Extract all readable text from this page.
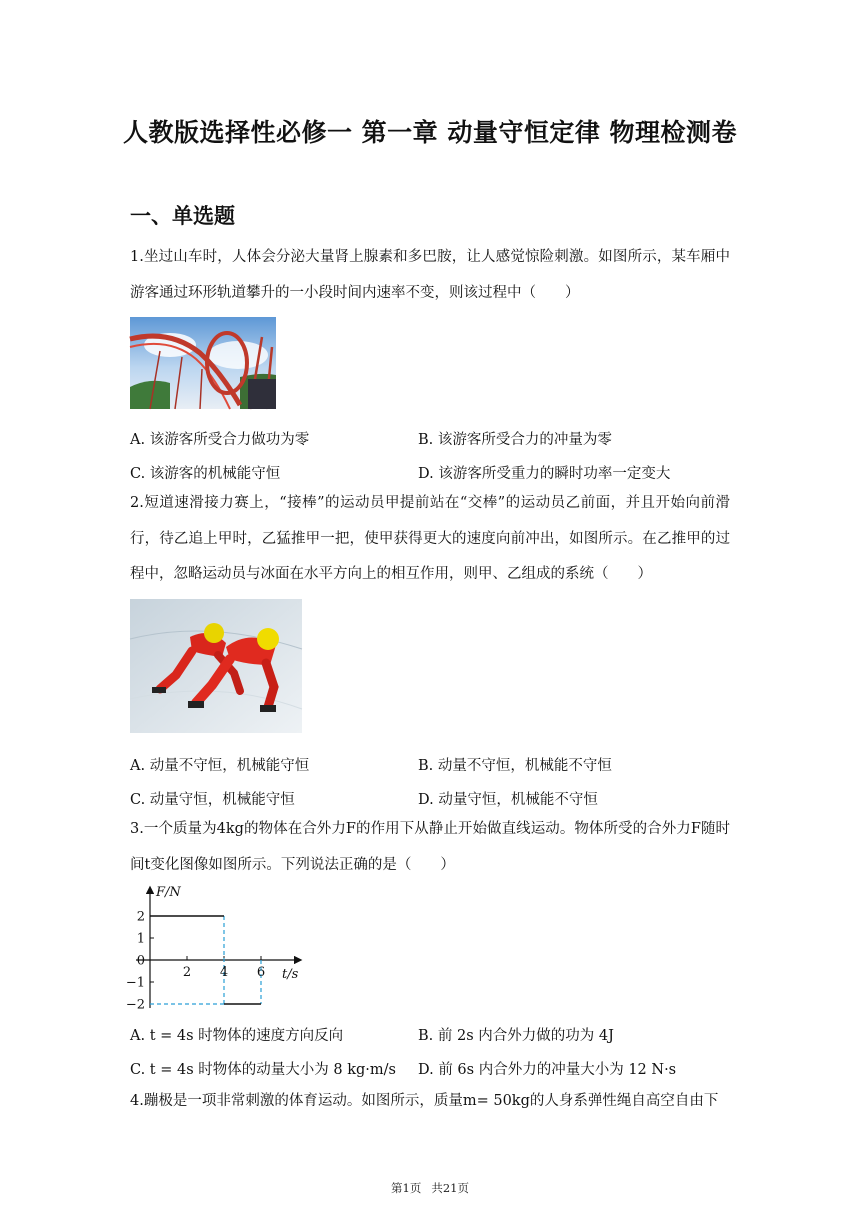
人教版选择性必修一 第一章 动量守恒定律 物理检测卷
一、单选题
1.坐过山车时，人体会分泌大量肾上腺素和多巴胺，让人感觉惊险刺激。如图所示，某车厢中游客通过环形轨道攀升的一小段时间内速率不变，则该过程中（　　）
A. 该游客所受合力做功为零	B. 该游客所受合力的冲量为零
C. 该游客的机械能守恒	D. 该游客所受重力的瞬时功率一定变大
2.短道速滑接力赛上，“接棒”的运动员甲提前站在“交棒”的运动员乙前面，并且开始向前滑行，待乙追上甲时，乙猛推甲一把，使甲获得更大的速度向前冲出，如图所示。在乙推甲的过程中，忽略运动员与冰面在水平方向上的相互作用，则甲、乙组成的系统（　　）
A. 动量不守恒，机械能守恒	B. 动量不守恒，机械能不守恒
C. 动量守恒，机械能守恒	D. 动量守恒，机械能不守恒
3.一个质量为4kg的物体在合外力F的作用下从静止开始做直线运动。物体所受的合外力F随时间t变化图像如图所示。下列说法正确的是（　　）
2
1
0
−1
−2
2 4 6
F/N
t/s
A. t = 4s 时物体的速度方向反向	B. 前 2s 内合外力做的功为 4J
C. t = 4s 时物体的动量大小为 8 kg·m/s D. 前 6s 内合外力的冲量大小为 12 N·s
4.蹦极是一项非常刺激的体育运动。如图所示，质量m= 50kg的人身系弹性绳自高空自由下
第1页 共21页
